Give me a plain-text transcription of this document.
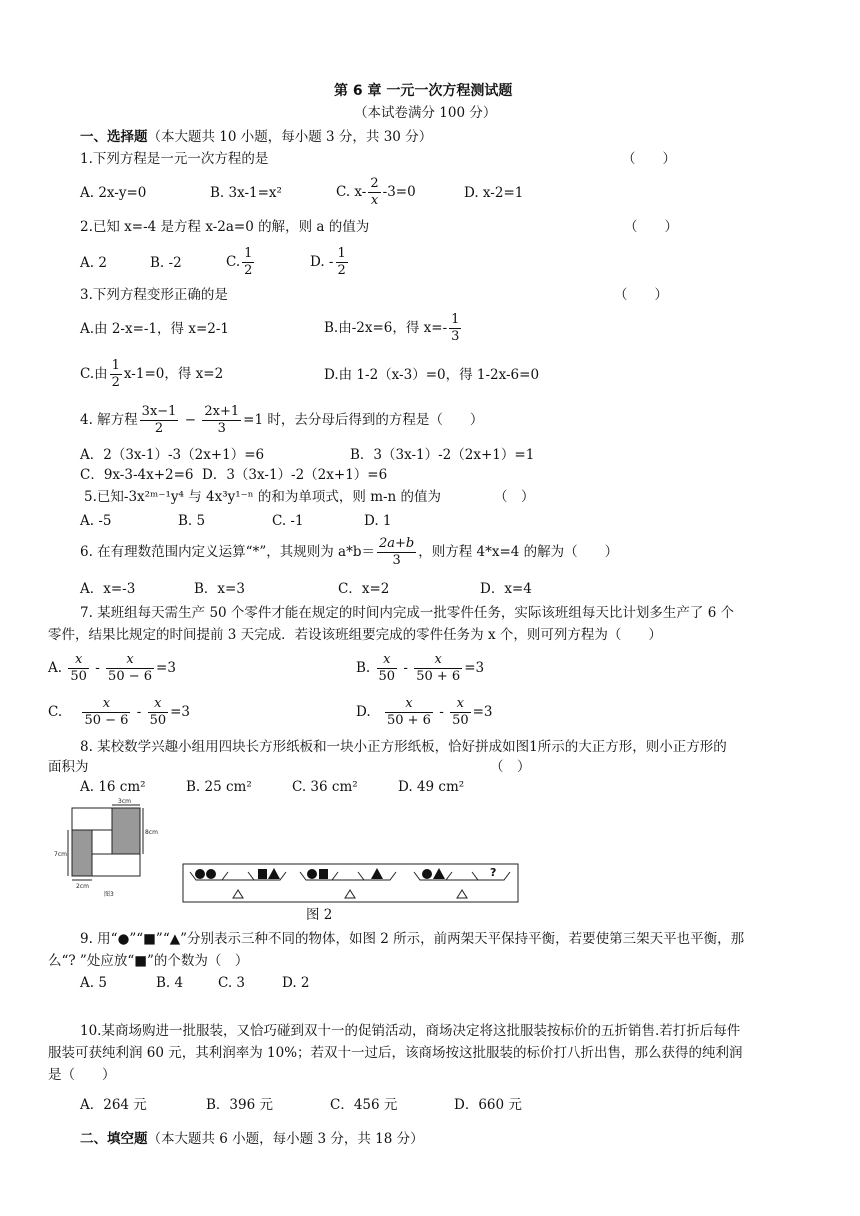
第 6 章 一元一次方程测试题
（本试卷满分 100 分）
一、选择题（本大题共 10 小题，每小题 3 分，共 30 分）
1.下列方程是一元一次方程的是	（　　）
A. 2x-y=0	B. 3x-1=x²	C. $x- \frac{2}{x} -3=0$	D. x-2=1
2.已知 x=-4 是方程 x-2a=0 的解，则 a 的值为	（　　）
A. 2	B. -2	C. $\frac{1}{2}$	D. - $\frac{1}{2}$
3.下列方程变形正确的是	（　　）
A.由 2-x=-1，得 x=2-1	B.由-2x=6，得 $x=- \frac{1}{3}$
C.由 $\frac{1}{2} x-1=0$，得 x=2	D.由 1-2（x-3）=0，得 1-2x-6=0
4. 解方程 $\frac{3x-1}{2} - \frac{2x+1}{3} =1$ 时，去分母后得到的方程是（　　）
A．2（3x-1）-3（2x+1）=6	B．3（3x-1）-2（2x+1）=1
C．9x-3-4x+2=6 D．3（3x-1）-2（2x+1）=6
5.已知-3x²ᵐ⁻¹y⁴ 与 4x³y¹⁻ⁿ 的和为单项式，则 m-n 的值为	（　）
A. -5	B. 5	C. -1	D. 1
6. 在有理数范围内定义运算“*”，其规则为 $a*b= \frac{2a+b}{3}$ ，则方程 4*x=4 的解为（　　）
A．x=-3	B．x=3	C．x=2	D．x=4
7. 某班组每天需生产 50 个零件才能在规定的时间内完成一批零件任务，实际该班组每天比计划多生产了 6 个
零件，结果比规定的时间提前 3 天完成．若设该班组要完成的零件任务为 x 个，则可列方程为（　　）
A. $\frac{x}{50} - \frac{x}{50 - 6} =3$	B. $\frac{x}{50} - \frac{x}{50 + 6} =3$
C. $\frac{x}{50 - 6} - \frac{x}{50} =3$	D. $\frac{x}{50 + 6} - \frac{x}{50} =3$
8. 某校数学兴趣小组用四块长方形纸板和一块小正方形纸板，恰好拼成如图1所示的大正方形，则小正方形的
面积为	（　）
A. 16 cm²	B. 25 cm²	C. 36 cm²	D. 49 cm²
3cm
8cm
7cm
2cm
图3
?
图 2
9. 用“●”“■”“▲”分别表示三种不同的物体，如图 2 所示，前两架天平保持平衡，若要使第三架天平也平衡，那
么“? ”处应放“■”的个数为（　）
A. 5	B. 4	C. 3	D. 2
10.某商场购进一批服装，又恰巧碰到双十一的促销活动，商场决定将这批服装按标价的五折销售.若打折后每件
服装可获纯利润 60 元，其利润率为 10%；若双十一过后，该商场按这批服装的标价打八折出售，那么获得的纯利润
是（　　）
A．264 元	B．396 元	C．456 元	D．660 元
二、填空题（本大题共 6 小题，每小题 3 分，共 18 分）
